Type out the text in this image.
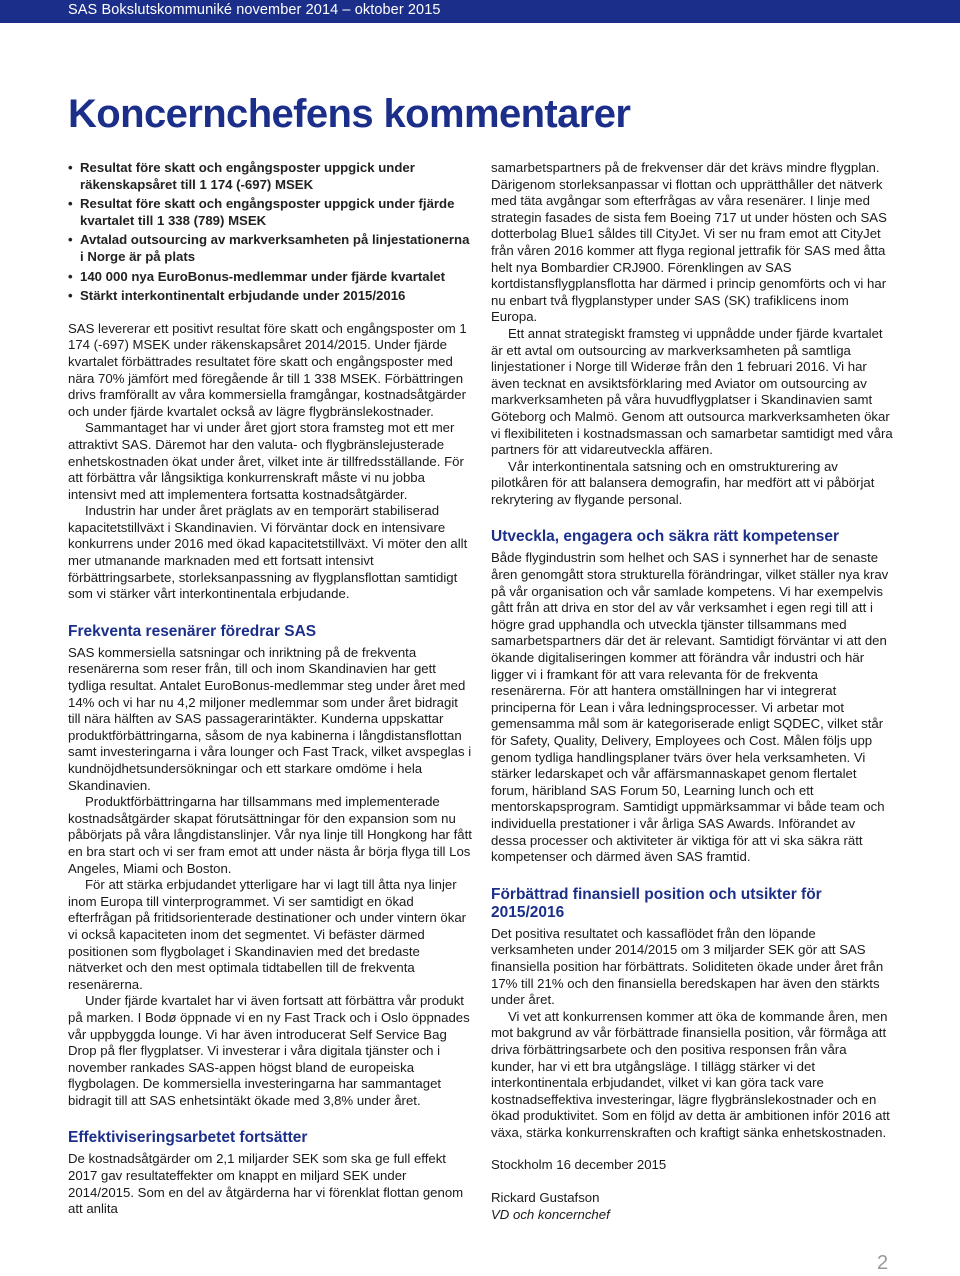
SAS Bokslutskommuniké november 2014 – oktober 2015
Koncernchefens kommentarer
• Resultat före skatt och engångsposter uppgick under räkenskapsåret till 1 174 (-697) MSEK
• Resultat före skatt och engångsposter uppgick under fjärde kvartalet till 1 338 (789) MSEK
• Avtalad outsourcing av markverksamheten på linjestationerna i Norge är på plats
• 140 000 nya EuroBonus-medlemmar under fjärde kvartalet
• Stärkt interkontinentalt erbjudande under 2015/2016

SAS levererar ett positivt resultat före skatt och engångsposter om 1 174 (-697) MSEK under räkenskapsåret 2014/2015. Under fjärde kvartalet förbättrades resultatet före skatt och engångsposter med nära 70% jämfört med föregående år till 1 338 MSEK. Förbättringen drivs framförallt av våra kommersiella framgångar, kostnadsåtgärder och under fjärde kvartalet också av lägre flygbränslekostnader.

Sammantaget har vi under året gjort stora framsteg mot ett mer attraktivt SAS. Däremot har den valuta- och flygbränslejusterade enhetskostnaden ökat under året, vilket inte är tillfredsställande. För att förbättra vår långsiktiga konkurrenskraft måste vi nu jobba intensivt med att implementera fortsatta kostnadsåtgärder.

Industrin har under året präglats av en temporärt stabiliserad kapacitetstillväxt i Skandinavien. Vi förväntar dock en intensivare konkurrens under 2016 med ökad kapacitetstillväxt. Vi möter den allt mer utmanande marknaden med ett fortsatt intensivt förbättringsarbete, storleksanpassning av flygplansflottan samtidigt som vi stärker vårt interkontinentala erbjudande.

Frekventa resenärer föredrar SAS

SAS kommersiella satsningar och inriktning på de frekventa resenärerna som reser från, till och inom Skandinavien har gett tydliga resultat. Antalet EuroBonus-medlemmar steg under året med 14% och vi har nu 4,2 miljoner medlemmar som under året bidragit till nära hälften av SAS passagerarintäkter. Kunderna uppskattar produktförbättringarna, såsom de nya kabinerna i långdistansflottan samt investeringarna i våra lounger och Fast Track, vilket avspeglas i kundnöjdhetsundersökningar och ett starkare omdöme i hela Skandinavien.

Produktförbättringarna har tillsammans med implementerade kostnadsåtgärder skapat förutsättningar för den expansion som nu påbörjats på våra långdistanslinjer. Vår nya linje till Hongkong har fått en bra start och vi ser fram emot att under nästa år börja flyga till Los Angeles, Miami och Boston.

För att stärka erbjudandet ytterligare har vi lagt till åtta nya linjer inom Europa till vinterprogrammet. Vi ser samtidigt en ökad efterfrågan på fritidsorienterade destinationer och under vintern ökar vi också kapaciteten inom det segmentet. Vi befäster därmed positionen som flygbolaget i Skandinavien med det bredaste nätverket och den mest optimala tidtabellen till de frekventa resenärerna.

Under fjärde kvartalet har vi även fortsatt att förbättra vår produkt på marken. I Bodø öppnade vi en ny Fast Track och i Oslo öppnades vår uppbyggda lounge. Vi har även introducerat Self Service Bag Drop på fler flygplatser. Vi investerar i våra digitala tjänster och i november rankades SAS-appen högst bland de europeiska flygbolagen. De kommersiella investeringarna har sammantaget bidragit till att SAS enhetsintäkt ökade med 3,8% under året.

Effektiviseringsarbetet fortsätter

De kostnadsåtgärder om 2,1 miljarder SEK som ska ge full effekt 2017 gav resultateffekter om knappt en miljard SEK under 2014/2015. Som en del av åtgärderna har vi förenklat flottan genom att anlita

samarbetspartners på de frekvenser där det krävs mindre flygplan. Därigenom storleksanpassar vi flottan och upprätthåller det nätverk med täta avgångar som efterfrågas av våra resenärer. I linje med strategin fasades de sista fem Boeing 717 ut under hösten och SAS dotterbolag Blue1 såldes till CityJet. Vi ser nu fram emot att CityJet från våren 2016 kommer att flyga regional jettrafik för SAS med åtta helt nya Bombardier CRJ900. Förenklingen av SAS kortdistansflygplansflotta har därmed i princip genomförts och vi har nu enbart två flygplanstyper under SAS (SK) trafiklicens inom Europa.

Ett annat strategiskt framsteg vi uppnådde under fjärde kvartalet är ett avtal om outsourcing av markverksamheten på samtliga linjestationer i Norge till Widerøe från den 1 februari 2016. Vi har även tecknat en avsiktsförklaring med Aviator om outsourcing av markverksamheten på våra huvudflygplatser i Skandinavien samt Göteborg och Malmö. Genom att outsourca markverksamheten ökar vi flexibiliteten i kostnadsmassan och samarbetar samtidigt med våra partners för att vidareutveckla affären.

Vår interkontinentala satsning och en omstrukturering av pilotkåren för att balansera demografin, har medfört att vi påbörjat rekrytering av flygande personal.

Utveckla, engagera och säkra rätt kompetenser

Både flygindustrin som helhet och SAS i synnerhet har de senaste åren genomgått stora strukturella förändringar, vilket ställer nya krav på vår organisation och vår samlade kompetens. Vi har exempelvis gått från att driva en stor del av vår verksamhet i egen regi till att i högre grad upphandla och utveckla tjänster tillsammans med samarbetspartners där det är relevant. Samtidigt förväntar vi att den ökande digitaliseringen kommer att förändra vår industri och här ligger vi i framkant för att vara relevanta för de frekventa resenärerna. För att hantera omställningen har vi integrerat principerna för Lean i våra ledningsprocesser. Vi arbetar mot gemensamma mål som är kategoriserade enligt SQDEC, vilket står för Safety, Quality, Delivery, Employees och Cost. Målen följs upp genom tydliga handlingsplaner tvärs över hela verksamheten. Vi stärker ledarskapet och vår affärsmannaskapet genom flertalet forum, häribland SAS Forum 50, Learning lunch och ett mentorskapsprogram. Samtidigt uppmärksammar vi både team och individuella prestationer i vår årliga SAS Awards. Införandet av dessa processer och aktiviteter är viktiga för att vi ska säkra rätt kompetenser och därmed även SAS framtid.

Förbättrad finansiell position och utsikter för 2015/2016

Det positiva resultatet och kassaflödet från den löpande verksamheten under 2014/2015 om 3 miljarder SEK gör att SAS finansiella position har förbättrats. Soliditeten ökade under året från 17% till 21% och den finansiella beredskapen har även den stärkts under året.

Vi vet att konkurrensen kommer att öka de kommande åren, men mot bakgrund av vår förbättrade finansiella position, vår förmåga att driva förbättringsarbete och den positiva responsen från våra kunder, har vi ett bra utgångsläge. I tillägg stärker vi det interkontinentala erbjudandet, vilket vi kan göra tack vare kostnadseffektiva investeringar, lägre flygbränslekostnader och en ökad produktivitet. Som en följd av detta är ambitionen inför 2016 att växa, stärka konkurrenskraften och kraftigt sänka enhetskostnaden.

Stockholm 16 december 2015

Rickard Gustafson

VD och koncernchef

2
